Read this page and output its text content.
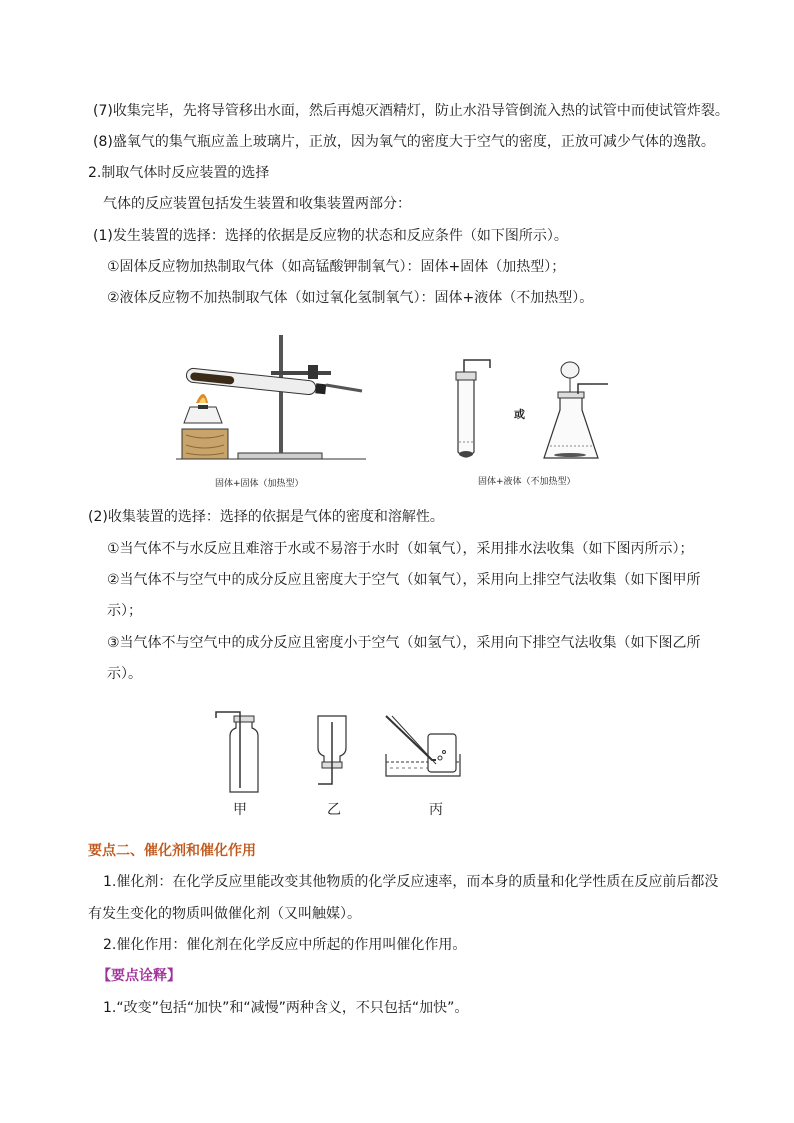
(7)收集完毕，先将导管移出水面，然后再熄灭酒精灯，防止水沿导管倒流入热的试管中而使试管炸裂。
(8)盛氧气的集气瓶应盖上玻璃片，正放，因为氧气的密度大于空气的密度，正放可减少气体的逸散。
2.制取气体时反应装置的选择
气体的反应装置包括发生装置和收集装置两部分：
(1)发生装置的选择：选择的依据是反应物的状态和反应条件（如下图所示）。
①固体反应物加热制取气体（如高锰酸钾制氧气）：固体+固体（加热型）；
②液体反应物不加热制取气体（如过氧化氢制氧气）：固体+液体（不加热型）。
固体+固体（加热型）
或
固体+液体（不加热型）
(2)收集装置的选择：选择的依据是气体的密度和溶解性。
①当气体不与水反应且难溶于水或不易溶于水时（如氧气），采用排水法收集（如下图丙所示）；
②当气体不与空气中的成分反应且密度大于空气（如氧气），采用向上排空气法收集（如下图甲所
示）；
③当气体不与空气中的成分反应且密度小于空气（如氢气），采用向下排空气法收集（如下图乙所
示）。
甲	乙	丙
要点二、催化剂和催化作用
1.催化剂：在化学反应里能改变其他物质的化学反应速率，而本身的质量和化学性质在反应前后都没
有发生变化的物质叫做催化剂（又叫触媒）。
2.催化作用：催化剂在化学反应中所起的作用叫催化作用。
【要点诠释】
1.“改变”包括“加快”和“减慢”两种含义，不只包括“加快”。
